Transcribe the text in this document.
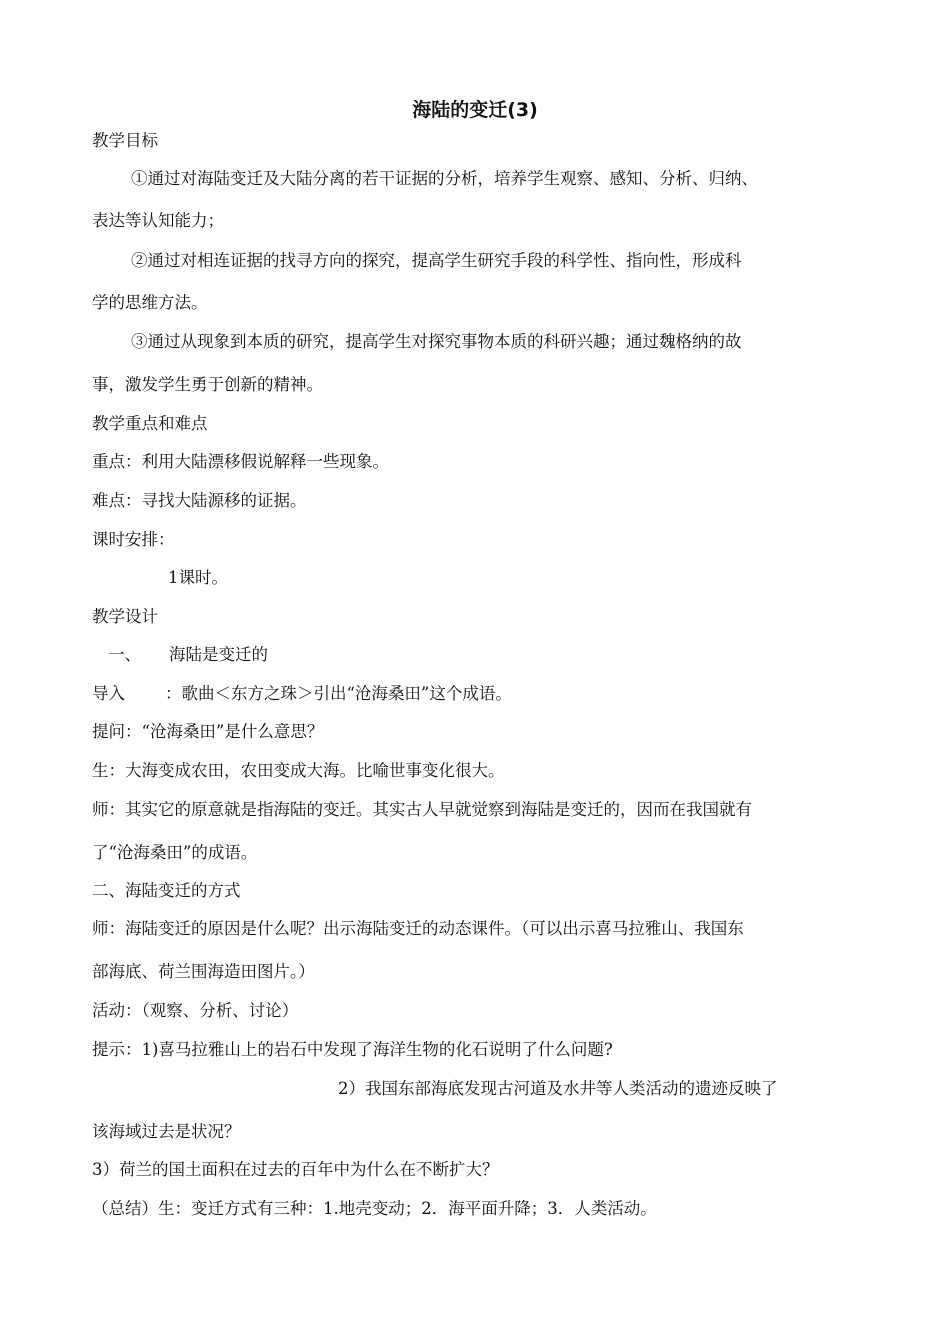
海陆的变迁(3)
教学目标
①通过对海陆变迁及大陆分离的若干证据的分析，培养学生观察、感知、分析、归纳、
表达等认知能力；
②通过对相连证据的找寻方向的探究，提高学生研究手段的科学性、指向性，形成科
学的思维方法。
③通过从现象到本质的研究，提高学生对探究事物本质的科研兴趣；通过魏格纳的故
事，激发学生勇于创新的精神。
教学重点和难点
重点：利用大陆漂移假说解释一些现象。
难点：寻找大陆源移的证据。
课时安排：
1课时。
教学设计
一、 海陆是变迁的
导入 ：歌曲＜东方之珠＞引出“沧海桑田”这个成语。
提问：“沧海桑田”是什么意思？
生：大海变成农田，农田变成大海。比喻世事变化很大。
师：其实它的原意就是指海陆的变迁。其实古人早就觉察到海陆是变迁的，因而在我国就有
了“沧海桑田”的成语。
二、海陆变迁的方式
师：海陆变迁的原因是什么呢？出示海陆变迁的动态课件。（可以出示喜马拉雅山、我国东
部海底、荷兰围海造田图片。）
活动：（观察、分析、讨论）
提示：1)喜马拉雅山上的岩石中发现了海洋生物的化石说明了什么问题?
2）我国东部海底发现古河道及水井等人类活动的遗迹反映了
该海域过去是状况？
3）荷兰的国土面积在过去的百年中为什么在不断扩大？
（总结）生：变迁方式有三种：1.地壳变动；2．海平面升降；3．人类活动。
